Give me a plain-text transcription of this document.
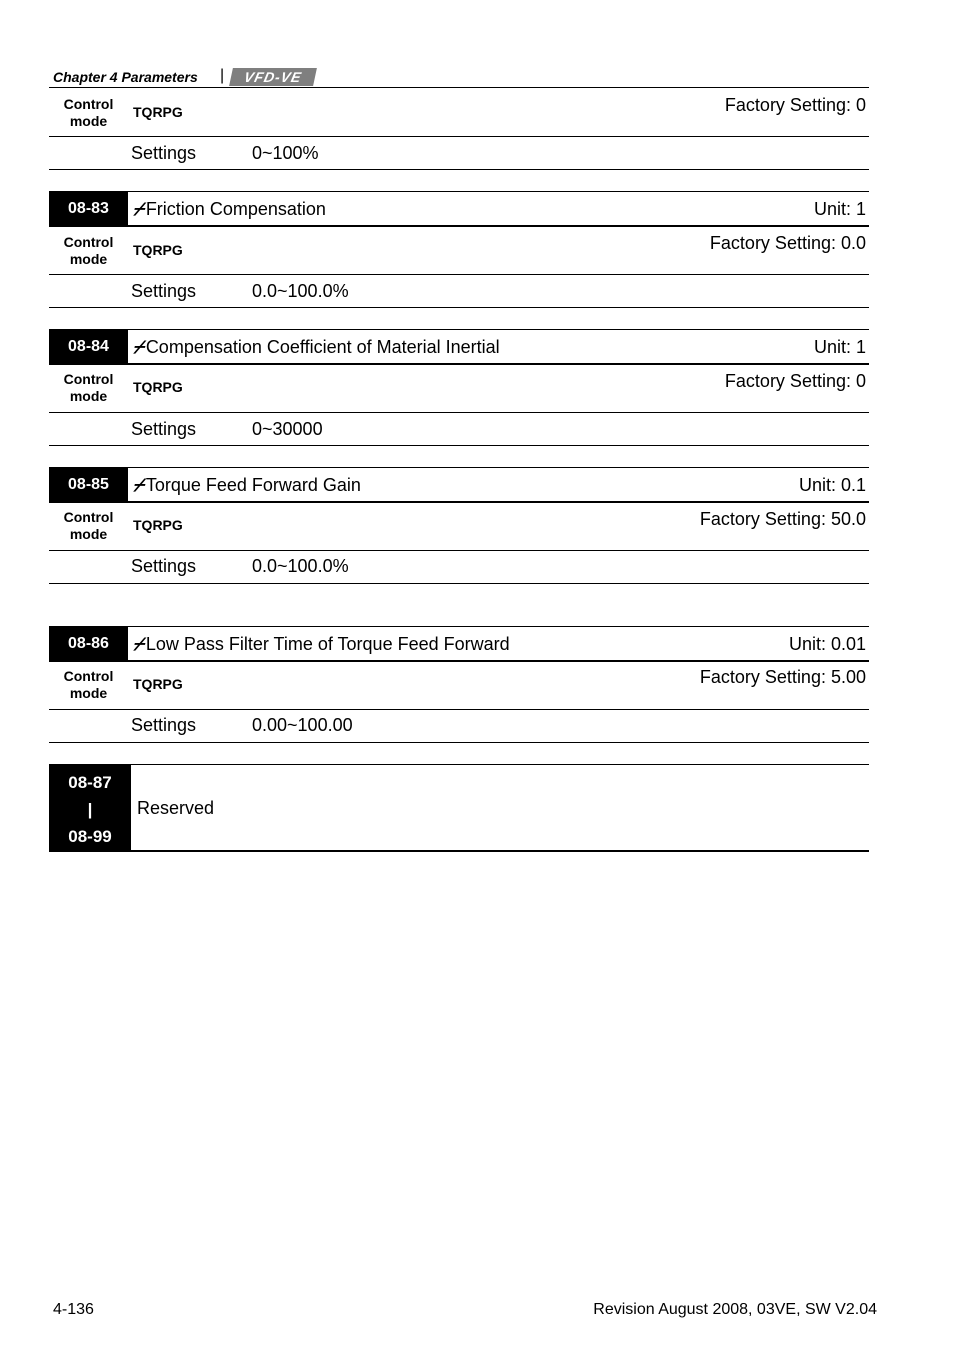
Chapter 4 Parameters |	VFD-VE
Control
mode
TQRPG	Factory Setting: 0
Settings	0~100%
08-83	⌿ Friction Compensation	Unit: 1
Control
mode
TQRPG	Factory Setting: 0.0
Settings	0.0~100.0%
08-84	⌿ Compensation Coefficient of Material Inertial	Unit: 1
Control
mode
TQRPG	Factory Setting: 0
Settings	0~30000
08-85	⌿ Torque Feed Forward Gain	Unit: 0.1
Control
mode
TQRPG	Factory Setting: 50.0
Settings	0.0~100.0%
08-86	⌿ Low Pass Filter Time of Torque Feed Forward	Unit: 0.01
Control
mode
TQRPG	Factory Setting: 5.00
Settings	0.00~100.00
08-87
|
08-99
Reserved
4-136	Revision August 2008, 03VE, SW V2.04
